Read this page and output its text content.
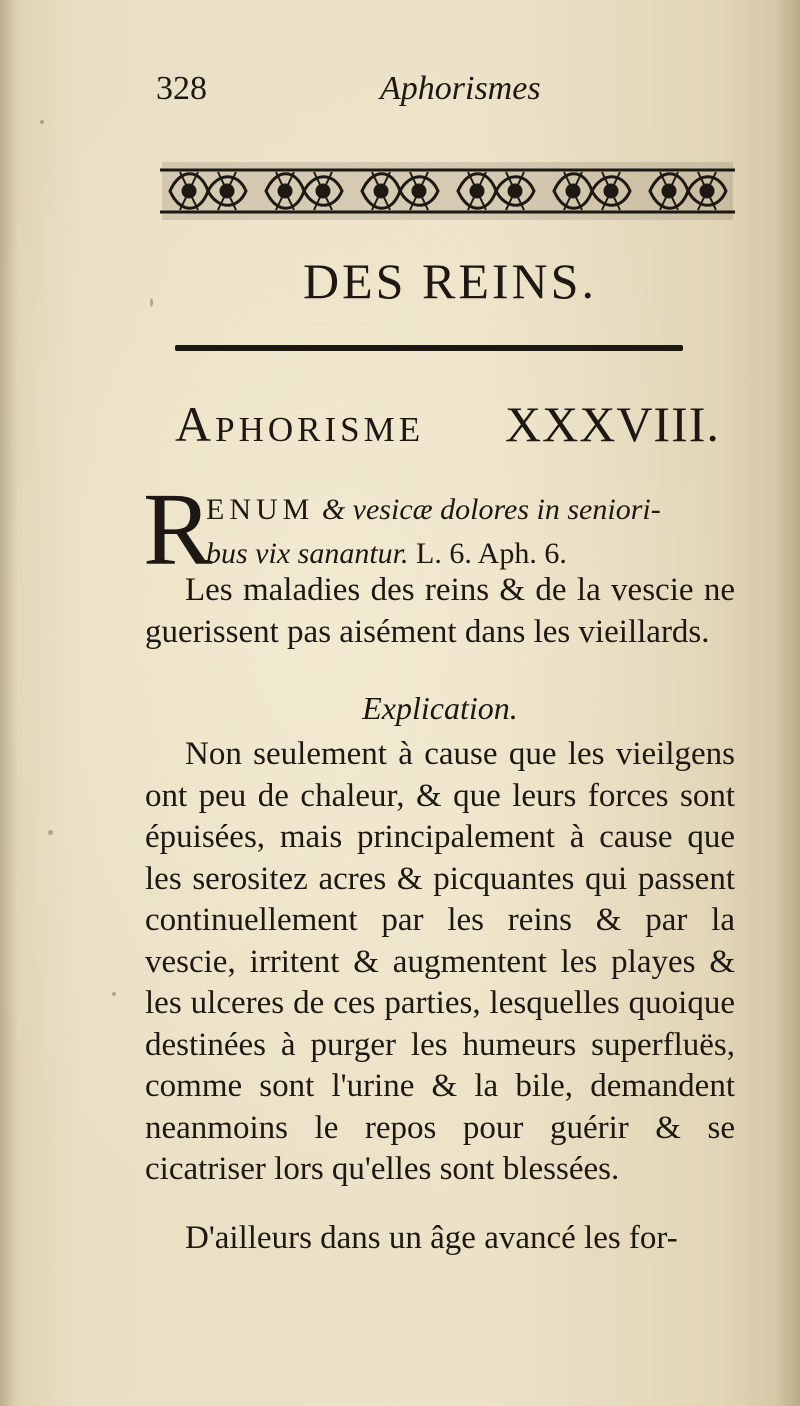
328	Aphorismes
DES REINS.
Aphorisme XXXVIII.
R
ENUM & vesicæ dolores in seniori-
bus vix sanantur. L. 6. Aph. 6.
Les maladies des reins & de la vescie ne guerissent pas aisément dans les vieillards.
Explication.
Non seulement à cause que les vieilgens ont peu de chaleur, & que leurs forces sont épuisées, mais principalement à cause que les serositez acres & picquantes qui passent continuellement par les reins & par la vescie, irritent & augmentent les playes & les ulceres de ces parties, lesquelles quoique destinées à purger les humeurs superfluës, comme sont l'urine & la bile, demandent neanmoins le repos pour guérir & se cicatriser lors qu'elles sont blessées.
D'ailleurs dans un âge avancé les for-
